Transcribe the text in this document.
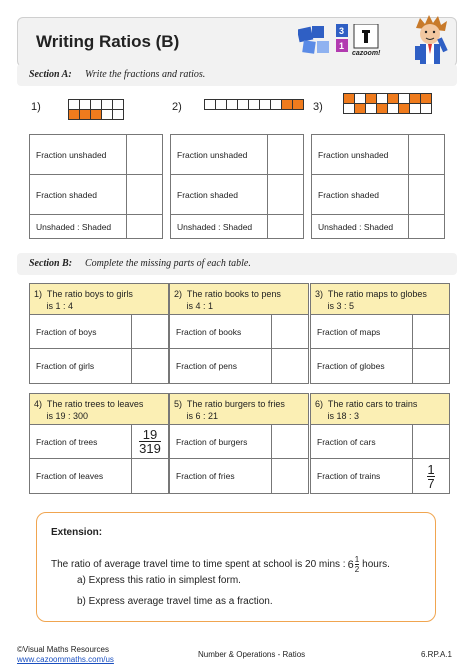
Writing Ratios (B)
3
1
cazoom!
Section A: Write the fractions and ratios.
1)	2)	3)
Fraction unshaded	
Fraction shaded	
Unshaded : Shaded	
Fraction unshaded	
Fraction shaded	
Unshaded : Shaded	
Fraction unshaded	
Fraction shaded	
Unshaded : Shaded	
Section B: Complete the missing parts of each table.
1)  The ratio boys to girls
is 1 : 4
Fraction of boys
Fraction of girls
2)  The ratio books to pens
is 4 : 1
Fraction of books
Fraction of pens
3)  The ratio maps to globes
is 3 : 5
Fraction of maps
Fraction of globes
4)  The ratio trees to leaves
is 19 : 300
Fraction of trees	$\frac{19}{319}$
Fraction of leaves
5)  The ratio burgers to fries
is 6 : 21
Fraction of burgers
Fraction of fries
6)  The ratio cars to trains
is 18 : 3
Fraction of cars
Fraction of trains	$\frac{1}{7}$
Extension:
The ratio of average travel time to time spent at school is 20 mins : $6 \frac{1}{2}$ hours.
a) Express this ratio in simplest form.
b) Express average travel time as a fraction.
©Visual Maths Resources
www.cazoommaths.com/us
Number & Operations - Ratios	6.RP.A.1
